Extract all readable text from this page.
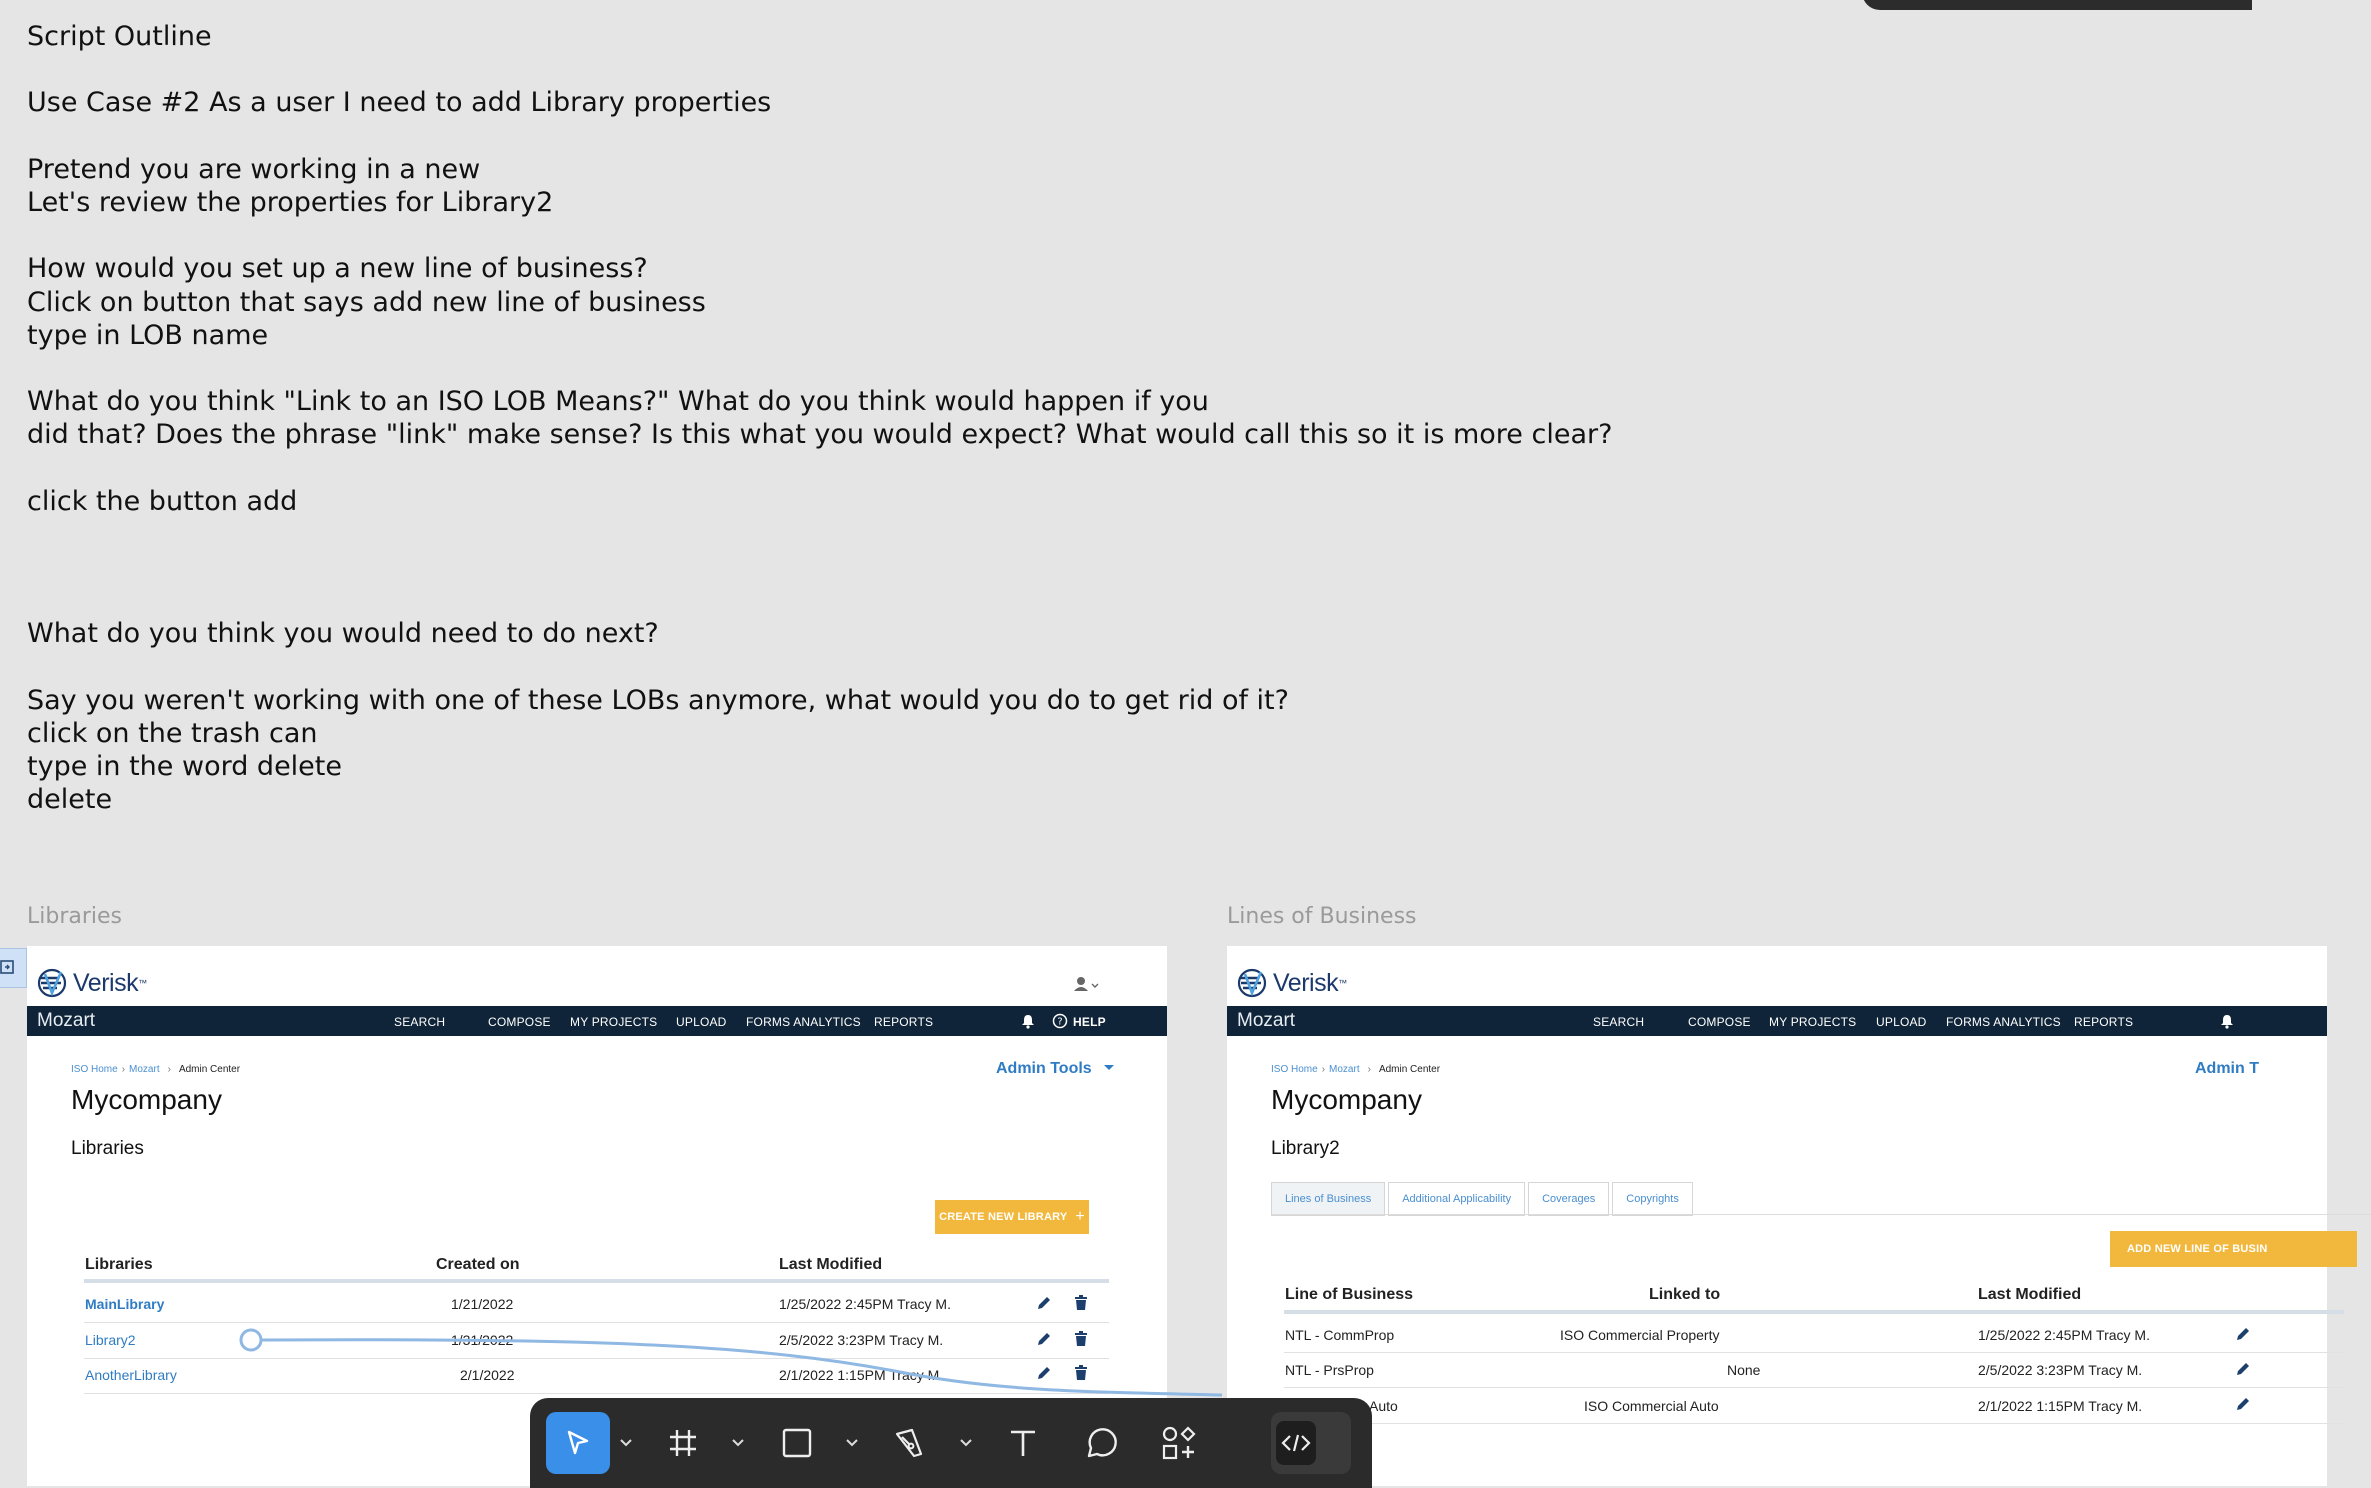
Script Outline
Use Case #2 As a user I need to add Library properties
Pretend you are working in a new
Let's review the properties for Library2
How would you set up a new line of business?
Click on button that says add new line of business
type in LOB name
What do you think "Link to an ISO LOB Means?" What do you think would happen if you
did that? Does the phrase "link" make sense? Is this what you would expect? What would call this so it is more clear?
click the button add
What do you think you would need to do next?
Say you weren't working with one of these LOBs anymore, what would you do to get rid of it?
click on the trash can
type in the word delete
delete
Libraries	Lines of Business
Verisk ™
Mozart	SEARCH	COMPOSE MY PROJECTS UPLOAD FORMS ANALYTICS REPORTS	? HELP
ISO Home › Mozart › Admin Center
Mycompany
Libraries
Admin Tools
CREATE NEW LIBRARY +
Libraries	Created on	Last Modified
MainLibrary	1/21/2022	1/25/2022 2:45PM Tracy M.
Library2	1/31/2022	2/5/2022 3:23PM Tracy M.
AnotherLibrary	2/1/2022	2/1/2022 1:15PM Tracy M.
Verisk ™
Mozart	SEARCH	COMPOSE MY PROJECTS UPLOAD FORMS ANALYTICS REPORTS
ISO Home › Mozart › Admin Center
Mycompany
Library2
Admin T
Lines of Business	Additional Applicability	Coverages	Copyrights
ADD NEW LINE OF BUSIN
Line of Business	Linked to	Last Modified
NTL - CommProp	ISO Commercial Property	1/25/2022 2:45PM Tracy M.
NTL - PrsProp	None	2/5/2022 3:23PM Tracy M.
Auto	ISO Commercial Auto	2/1/2022 1:15PM Tracy M.
